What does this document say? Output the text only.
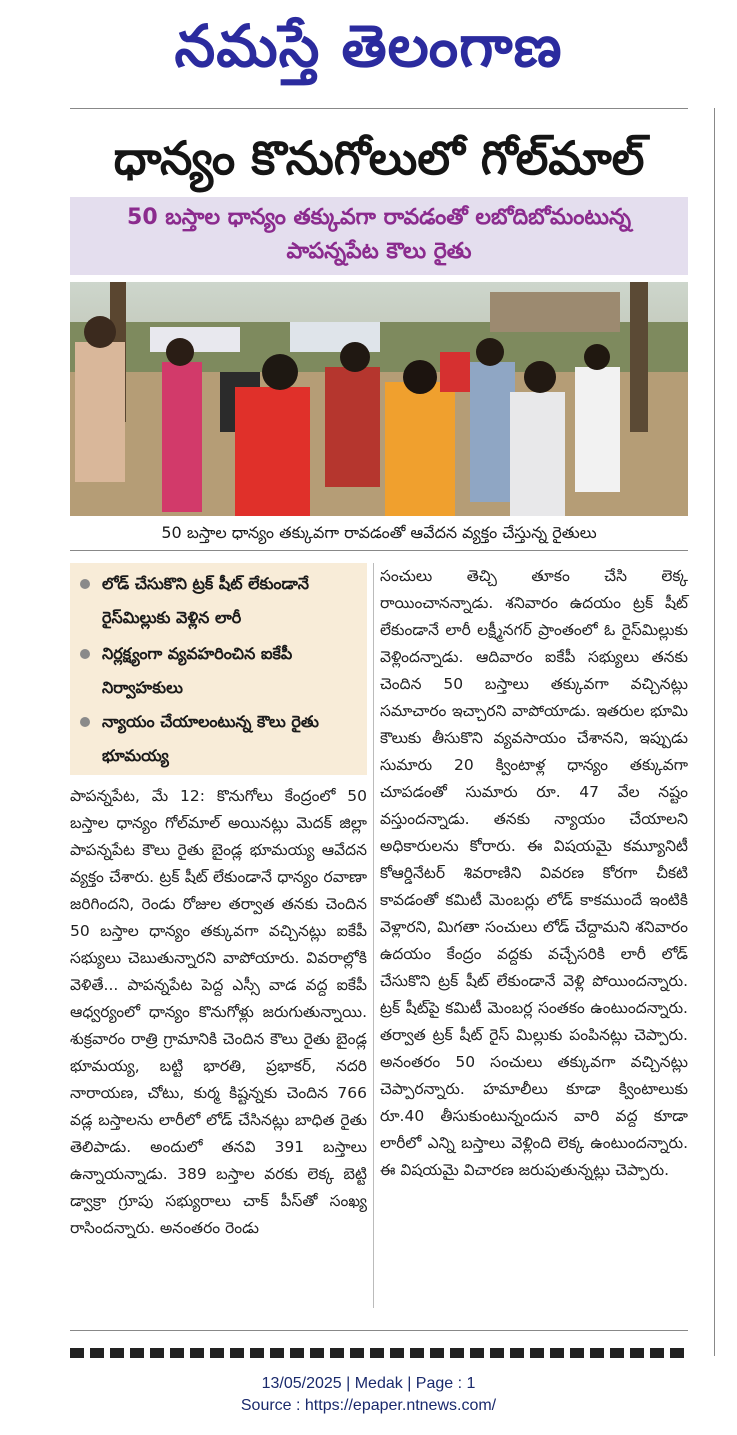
నమస్తే తెలంగాణ
ధాన్యం కొనుగోలులో గోల్‌మాల్
50 బస్తాల ధాన్యం తక్కువగా రావడంతో లబోదిబోమంటున్న
పాపన్నపేట కౌలు రైతు
50 బస్తాల ధాన్యం తక్కువగా రావడంతో ఆవేదన వ్యక్తం చేస్తున్న రైతులు
లోడ్ చేసుకొని ట్రక్ షీట్ లేకుండానే రైస్‌మిల్లుకు వెళ్లిన లారీ
నిర్లక్ష్యంగా వ్యవహరించిన ఐకేపీ నిర్వాహకులు
న్యాయం చేయాలంటున్న కౌలు రైతు భూమయ్య
పాపన్నపేట, మే 12: కొనుగోలు కేంద్రంలో 50 బస్తాల ధాన్యం గోల్‌మాల్ అయినట్లు మెదక్ జిల్లా పాపన్నపేట కౌలు రైతు బైండ్ల భూమయ్య ఆవేదన వ్యక్తం చేశారు. ట్రక్ షీట్ లేకుండానే ధాన్యం రవాణా జరిగిందని, రెండు రోజుల తర్వాత తనకు చెందిన 50 బస్తాల ధాన్యం తక్కువగా వచ్చినట్లు ఐకేపీ సభ్యులు చెబుతున్నారని వాపోయారు. వివరాల్లోకి వెళితే... పాపన్నపేట పెద్ద ఎస్సీ వాడ వద్ద ఐకేపీ ఆధ్వర్యంలో ధాన్యం కొనుగోళ్లు జరుగుతున్నాయి. శుక్రవారం రాత్రి గ్రామానికి చెందిన కౌలు రైతు బైండ్ల భూమయ్య, బట్టి భారతి, ప్రభాకర్, నదరి నారాయణ, చోటు, కుర్మ కిష్టన్నకు చెందిన 766 వడ్ల బస్తాలను లారీలో లోడ్ చేసినట్లు బాధిత రైతు తెలిపాడు. అందులో తనవి 391 బస్తాలు ఉన్నాయన్నాడు. 389 బస్తాల వరకు లెక్క బెట్టి డ్వాక్రా గ్రూపు సభ్యురాలు చాక్ పీస్‌తో సంఖ్య రాసిందన్నారు. అనంతరం రెండు
సంచులు తెచ్చి తూకం చేసి లెక్క రాయించానన్నాడు. శనివారం ఉదయం ట్రక్ షీట్ లేకుండానే లారీ లక్ష్మీనగర్ ప్రాంతంలో ఓ రైస్‌మిల్లుకు వెళ్లిందన్నాడు. ఆదివారం ఐకేపీ సభ్యులు తనకు చెందిన 50 బస్తాలు తక్కువగా వచ్చినట్లు సమాచారం ఇచ్చారని వాపోయాడు. ఇతరుల భూమి కౌలుకు తీసుకొని వ్యవసాయం చేశానని, ఇప్పుడు సుమారు 20 క్వింటాళ్ల ధాన్యం తక్కువగా చూపడంతో సుమారు రూ. 47 వేల నష్టం వస్తుందన్నాడు. తనకు న్యాయం చేయాలని అధికారులను కోరారు. ఈ విషయమై కమ్యూనిటీ కోఆర్డినేటర్ శివరాణిని వివరణ కోరగా చీకటి కావడంతో కమిటీ మెంబర్లు లోడ్ కాకముందే ఇంటికి వెళ్లారని, మిగతా సంచులు లోడ్ చేద్దామని శనివారం ఉదయం కేంద్రం వద్దకు వచ్చేసరికి లారీ లోడ్ చేసుకొని ట్రక్ షీట్ లేకుండానే వెళ్లి పోయిందన్నారు. ట్రక్ షీట్‌పై కమిటీ మెంబర్ల సంతకం ఉంటుందన్నారు. తర్వాత ట్రక్ షీట్ రైస్ మిల్లుకు పంపినట్లు చెప్పారు. అనంతరం 50 సంచులు తక్కువగా వచ్చినట్లు చెప్పారన్నారు. హమాలీలు కూడా క్వింటాలుకు రూ.40 తీసుకుంటున్నందున వారి వద్ద కూడా లారీలో ఎన్ని బస్తాలు వెళ్లింది లెక్క ఉంటుందన్నారు. ఈ విషయమై విచారణ జరుపుతున్నట్లు చెప్పారు.
13/05/2025 | Medak | Page : 1
Source : https://epaper.ntnews.com/
